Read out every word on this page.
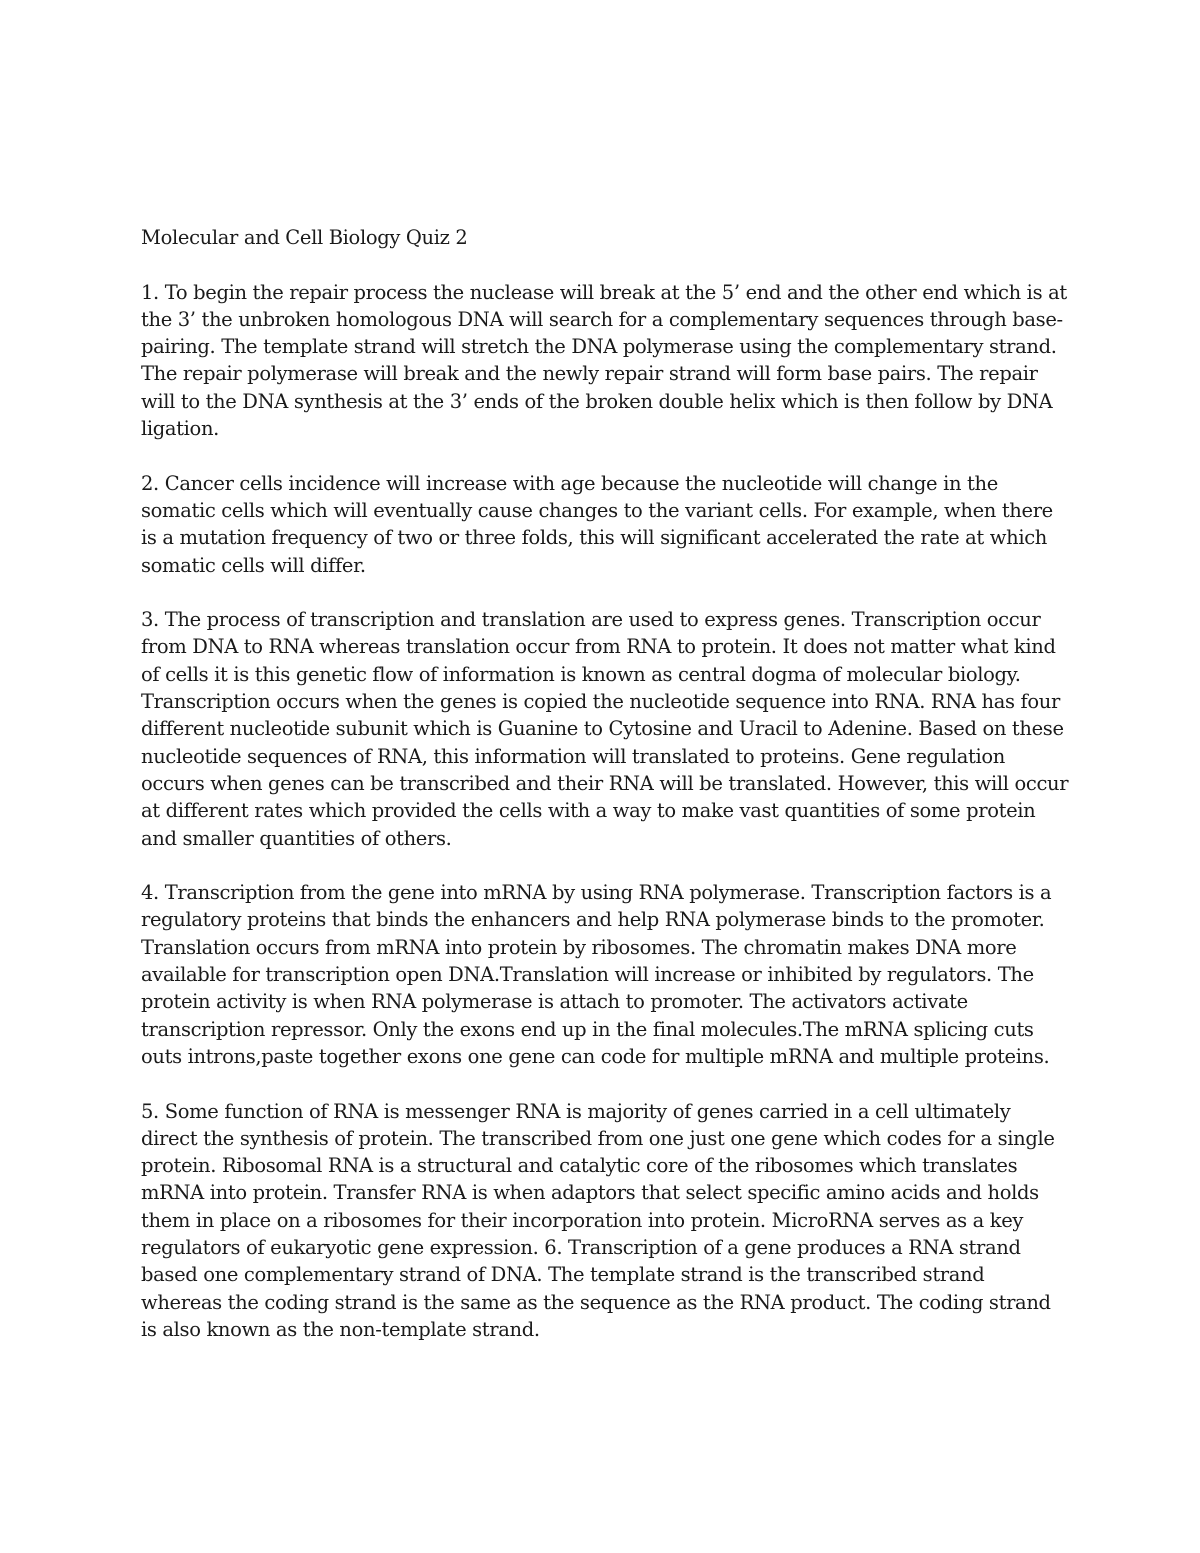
Molecular and Cell Biology Quiz 2

1. To begin the repair process the nuclease will break at the 5’ end and the other end which is at the 3’ the unbroken homologous DNA will search for a complementary sequences through base-pairing. The template strand will stretch the DNA polymerase using the complementary strand. The repair polymerase will break and the newly repair strand will form base pairs. The repair will to the DNA synthesis at the 3’ ends of the broken double helix which is then follow by DNA ligation.

2. Cancer cells incidence will increase with age because the nucleotide will change in the somatic cells which will eventually cause changes to the variant cells. For example, when there is a mutation frequency of two or three folds, this will significant accelerated the rate at which somatic cells will differ.

3. The process of transcription and translation are used to express genes. Transcription occur from DNA to RNA whereas translation occur from RNA to protein. It does not matter what kind of cells it is this genetic flow of information is known as central dogma of molecular biology. Transcription occurs when the genes is copied the nucleotide sequence into RNA. RNA has four different nucleotide subunit which is Guanine to Cytosine and Uracil to Adenine. Based on these nucleotide sequences of RNA, this information will translated to proteins. Gene regulation occurs when genes can be transcribed and their RNA will be translated. However, this will occur at different rates which provided the cells with a way to make vast quantities of some protein and smaller quantities of others.

4. Transcription from the gene into mRNA by using RNA polymerase. Transcription factors is a regulatory proteins that binds the enhancers and help RNA polymerase binds to the promoter. Translation occurs from mRNA into protein by ribosomes. The chromatin makes DNA more available for transcription open DNA.Translation will increase or inhibited by regulators. The protein activity is when RNA polymerase is attach to promoter. The activators activate transcription repressor. Only the exons end up in the final molecules.The mRNA splicing cuts outs introns,paste together exons one gene can code for multiple mRNA and multiple proteins.

5. Some function of RNA is messenger RNA is majority of genes carried in a cell ultimately direct the synthesis of protein. The transcribed from one just one gene which codes for a single protein. Ribosomal RNA is a structural and catalytic core of the ribosomes which translates mRNA into protein. Transfer RNA is when adaptors that select specific amino acids and holds them in place on a ribosomes for their incorporation into protein. MicroRNA serves as a key regulators of eukaryotic gene expression. 6. Transcription of a gene produces a RNA strand based one complementary strand of DNA. The template strand is the transcribed strand whereas the coding strand is the same as the sequence as the RNA product. The coding strand is also known as the non-template strand.
